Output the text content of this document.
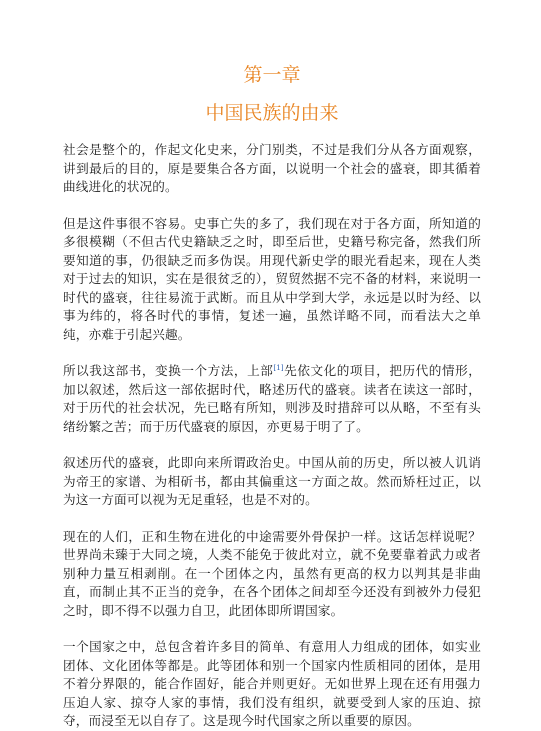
第一章
中国民族的由来

社会是整个的，作起文化史来，分门别类，不过是我们分从各方面观察，讲到最后的目的，原是要集合各方面，以说明一个社会的盛衰，即其循着曲线进化的状况的。

但是这件事很不容易。史事亡失的多了，我们现在对于各方面，所知道的多很模糊（不但古代史籍缺乏之时，即至后世，史籍号称完备，然我们所要知道的事，仍很缺乏而多伪误。用现代新史学的眼光看起来，现在人类对于过去的知识，实在是很贫乏的），贸贸然据不完不备的材料，来说明一时代的盛衰，往往易流于武断。而且从中学到大学，永远是以时为经、以事为纬的，将各时代的事情，复述一遍，虽然详略不同，而看法大之单纯，亦难于引起兴趣。

所以我这部书，变换一个方法，上部[1]先依文化的项目，把历代的情形，加以叙述，然后这一部依据时代，略述历代的盛衰。读者在读这一部时，对于历代的社会状况，先已略有所知，则涉及时措辞可以从略，不至有头绪纷繁之苦；而于历代盛衰的原因，亦更易于明了了。

叙述历代的盛衰，此即向来所谓政治史。中国从前的历史，所以被人讥诮为帝王的家谱、为相斫书，都由其偏重这一方面之故。然而矫枉过正，以为这一方面可以视为无足重轻，也是不对的。

现在的人们，正和生物在进化的中途需要外骨保护一样。这话怎样说呢？世界尚未臻于大同之境，人类不能免于彼此对立，就不免要靠着武力或者别种力量互相剥削。在一个团体之内，虽然有更高的权力以判其是非曲直，而制止其不正当的竞争，在各个团体之间却至今还没有到被外力侵犯之时，即不得不以强力自卫，此团体即所谓国家。

一个国家之中，总包含着许多目的简单、有意用人力组成的团体，如实业团体、文化团体等都是。此等团体和别一个国家内性质相同的团体，是用不着分界限的，能合作固好，能合并则更好。无如世界上现在还有用强力压迫人家、掠夺人家的事情，我们没有组织，就要受到人家的压迫、掠夺，而浸至无以自存了。这是现今时代国家之所以重要的原因。
